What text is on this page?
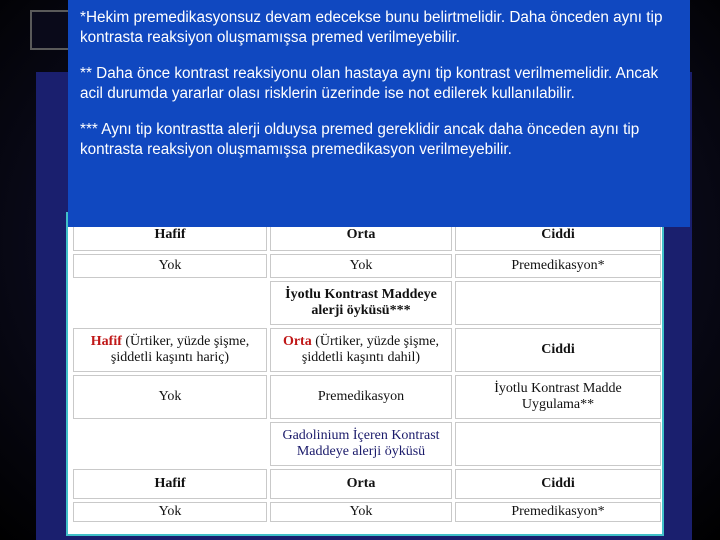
Hafif	Orta	Ciddi
Yok	Yok	Premedikasyon*
	İyotlu Kontrast Maddeye alerji öyküsü***	
Hafif (Ürtiker, yüzde şişme, şiddetli kaşıntı hariç)	Orta (Ürtiker, yüzde şişme, şiddetli kaşıntı dahil)	Ciddi
Yok	Premedikasyon	İyotlu Kontrast Madde Uygulama**
	Gadolinium İçeren Kontrast Maddeye alerji öyküsü	
Hafif	Orta	Ciddi
Yok	Yok	Premedikasyon*

*Hekim premedikasyonsuz devam edecekse bunu belirtmelidir. Daha önceden aynı tip kontrasta reaksiyon oluşmamışsa premed verilmeyebilir.

** Daha önce kontrast reaksiyonu olan hastaya aynı tip kontrast verilmemelidir. Ancak acil durumda yararlar olası risklerin üzerinde ise not edilerek kullanılabilir.

*** Aynı tip kontrastta alerji olduysa premed gereklidir ancak daha önceden aynı tip kontrasta reaksiyon oluşmamışsa premedikasyon verilmeyebilir.
